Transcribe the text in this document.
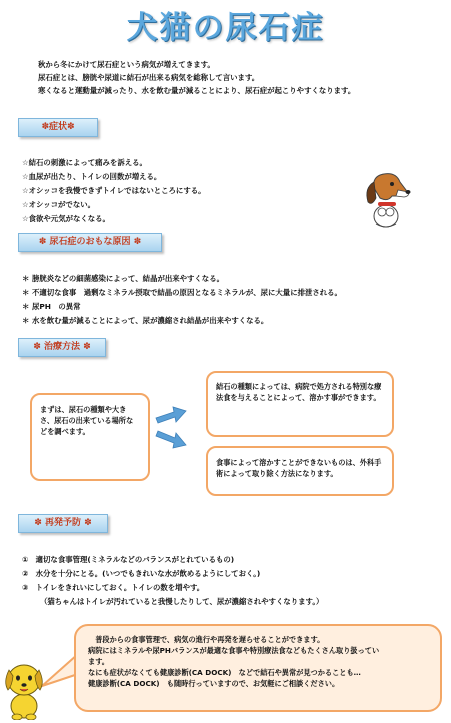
犬猫の尿石症
秋から冬にかけて尿石症という病気が増えてきます。
尿石症とは、膀胱や尿道に結石が出来る病気を総称して言います。
寒くなると運動量が減ったり、水を飲む量が減ることにより、尿石症が起こりやすくなります。
✽症状✽
☆結石の刺激によって痛みを訴える。
☆血尿が出たり、トイレの回数が増える。
☆オシッコを我慢できずトイレではないところにする。
☆オシッコがでない。
☆食欲や元気がなくなる。
✽ 尿石症のおもな原因 ✽
＊ 膀胱炎などの細菌感染によって、結晶が出来やすくなる。
＊ 不適切な食事　過剰なミネラル摂取で結晶の原因となるミネラルが、尿に大量に排泄される。
＊ 尿PH　の異常
＊ 水を飲む量が減ることによって、尿が濃縮され結晶が出来やすくなる。
✽ 治療方法 ✽
まずは、尿石の種類や大きさ、尿石の出来ている場所などを調べます。
結石の種類によっては、病院で処方される特別な療法食を与えることによって、溶かす事ができます。
食事によって溶かすことができないものは、外科手術によって取り除く方法になります。
✽ 再発予防 ✽
①　適切な食事管理(ミネラルなどのバランスがとれているもの)
②　水分を十分にとる。(いつでもきれいな水が飲めるようにしておく。)
③　トイレをきれいにしておく。トイレの数を増やす。
（猫ちゃんはトイレが汚れていると我慢したりして、尿が濃縮されやすくなります。）
　普段からの食事管理で、病気の進行や再発を遅らせることができます。
病院にはミネラルや尿PHバランスが最適な食事や特別療法食などもたくさん取り扱ってい
ます。
なにも症状がなくても健康診断(CA DOCK)　などで結石や異常が見つかることも…
健康診断(CA DOCK)　も随時行っていますので、お気軽にご相談ください。
